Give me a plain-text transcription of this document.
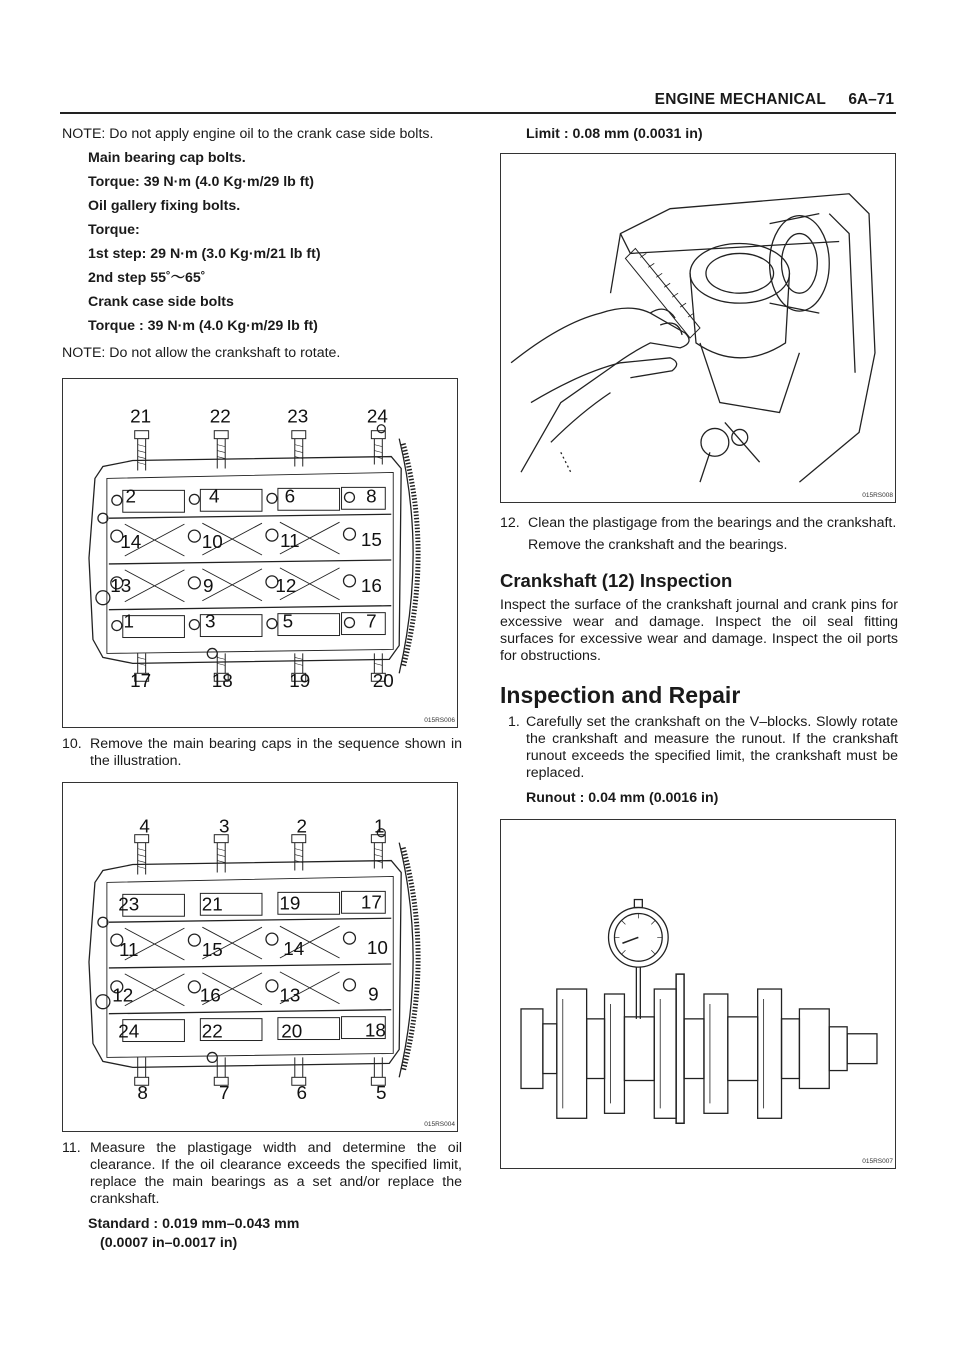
ENGINE MECHANICAL 6A–71

NOTE: Do not apply engine oil to the crank case side bolts.

Main bearing cap bolts.

Torque: 39 N·m (4.0 Kg·m/29 lb ft)

Oil gallery fixing bolts.

Torque:

1st step: 29 N·m (3.0 Kg·m/21 lb ft)

2nd step 55˚～65˚

Crank case side bolts

Torque : 39 N·m (4.0 Kg·m/29 lb ft)

NOTE: Do not allow the crankshaft to rotate.

21	22	23	24
2	4	6	8
14	10	11	15
13	9	12	16
1	3	5	7
17	18	19	20
015RS006
10. Remove the main bearing caps in the sequence shown in the illustration.
4	3	2	1
23	21	19	17
11	15	14	10
12	16	13	9
24	22	20	18
8	7	6	5
015RS004
11. Measure the plastigage width and determine the oil clearance. If the oil clearance exceeds the specified limit, replace the main bearings as a set and/or replace the crankshaft.

Standard : 0.019 mm–0.043 mm

(0.0007 in–0.0017 in)

Limit : 0.08 mm (0.0031 in)

015RS008
12. Clean the plastigage from the bearings and the crankshaft.

Remove the crankshaft and the bearings.

Crankshaft (12) Inspection

Inspect the surface of the crankshaft journal and crank pins for excessive wear and damage. Inspect the oil seal fitting surfaces for excessive wear and damage. Inspect the oil ports for obstructions.

Inspection and Repair
1. Carefully set the crankshaft on the V–blocks. Slowly rotate the crankshaft and measure the runout. If the crankshaft runout exceeds the specified limit, the crankshaft must be replaced.

Runout : 0.04 mm (0.0016 in)

015RS007
